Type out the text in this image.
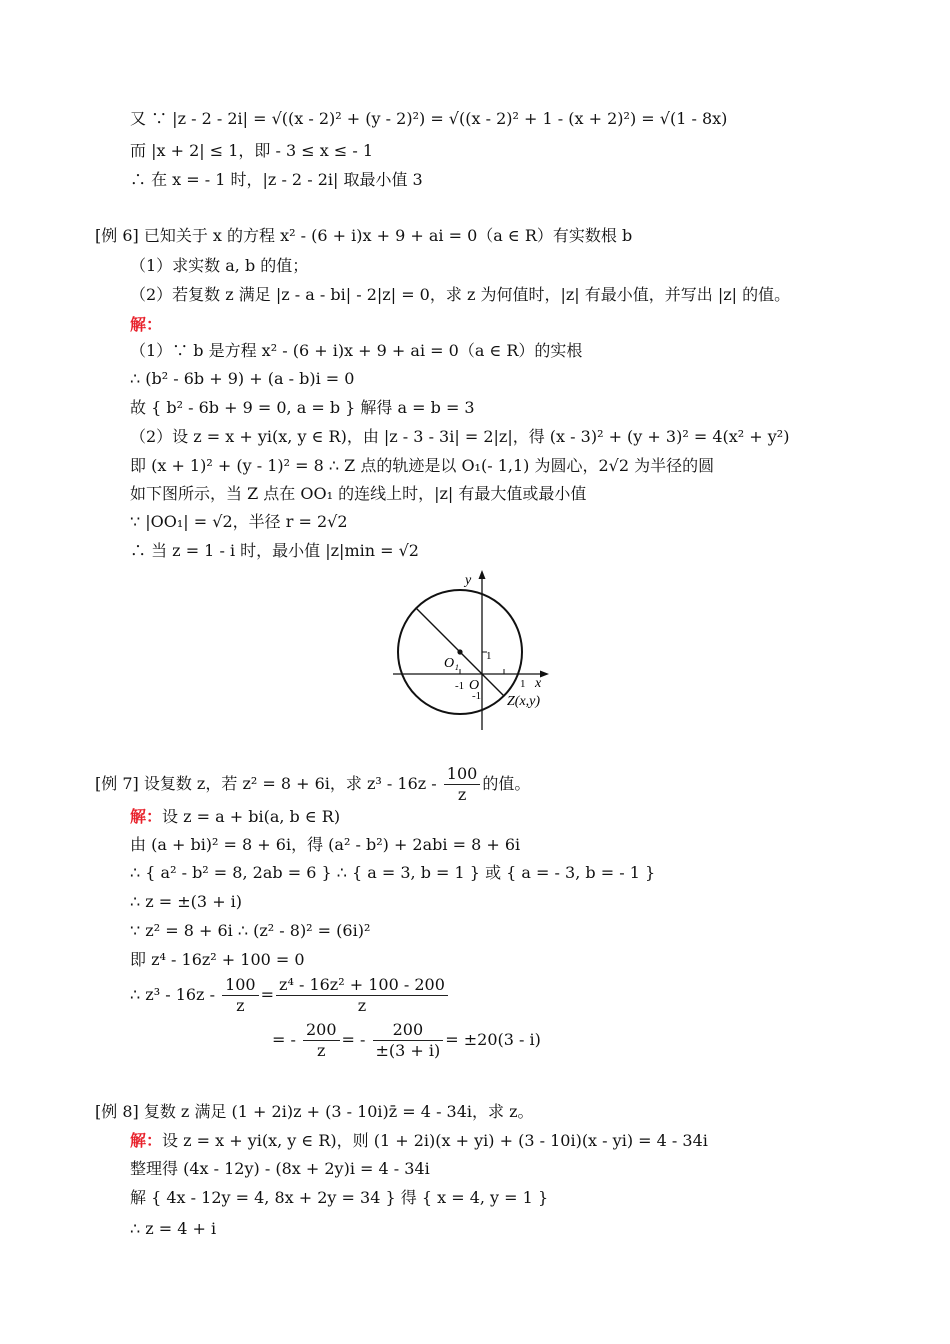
又 ∵ |z - 2 - 2i| = √((x - 2)² + (y - 2)²) = √((x - 2)² + 1 - (x + 2)²) = √(1 - 8x)
而 |x + 2| ≤ 1，即 - 3 ≤ x ≤ - 1
∴ 在 x = - 1 时，|z - 2 - 2i| 取最小值 3
[例 6] 已知关于 x 的方程 x² - (6 + i)x + 9 + ai = 0（a ∈ R）有实数根 b
（1）求实数 a, b 的值；
（2）若复数 z 满足 |z - a - bi| - 2|z| = 0，求 z 为何值时，|z| 有最小值，并写出 |z| 的值。
解：
（1）∵ b 是方程 x² - (6 + i)x + 9 + ai = 0（a ∈ R）的实根
∴ (b² - 6b + 9) + (a - b)i = 0
故 { b² - 6b + 9 = 0, a = b } 解得 a = b = 3
（2）设 z = x + yi(x, y ∈ R)，由 |z - 3 - 3i| = 2|z|，得 (x - 3)² + (y + 3)² = 4(x² + y²)
即 (x + 1)² + (y - 1)² = 8 ∴ Z 点的轨迹是以 O₁(- 1,1) 为圆心，2√2 为半径的圆
如下图所示，当 Z 点在 OO₁ 的连线上时，|z| 有最大值或最小值
∵ |OO₁| = √2，半径 r = 2√2
∴ 当 z = 1 - i 时，最小值 |z|min = √2
y
x
O₁
O
1
-1
-1
1
Z(x,y)
[例 7] 设复数 z，若 z² = 8 + 6i，求 $z^3 - 16z - \frac{100}{z}$ 的值。
解：设 z = a + bi(a, b ∈ R)
由 (a + bi)² = 8 + 6i，得 (a² - b²) + 2abi = 8 + 6i
∴ { a² - b² = 8, 2ab = 6 } ∴ { a = 3, b = 1 } 或 { a = - 3, b = - 1 }
∴ z = ±(3 + i)
∵ z² = 8 + 6i ∴ (z² - 8)² = (6i)²
即 z⁴ - 16z² + 100 = 0
∴ $z^3 - 16z - \frac{100}{z} = \frac{\text{z⁴ - 16z² + 100 - 200}}{z}$
= - $\frac{200}{z}$ = - $\frac{200}{\pm(3 + i)} = \pm 20(3 - i)$
[例 8] 复数 z 满足 (1 + 2i)z + (3 - 10i)z̄ = 4 - 34i，求 z。
解：设 z = x + yi(x, y ∈ R)，则 (1 + 2i)(x + yi) + (3 - 10i)(x - yi) = 4 - 34i
整理得 (4x - 12y) - (8x + 2y)i = 4 - 34i
解 { 4x - 12y = 4, 8x + 2y = 34 } 得 { x = 4, y = 1 }
∴ z = 4 + i
